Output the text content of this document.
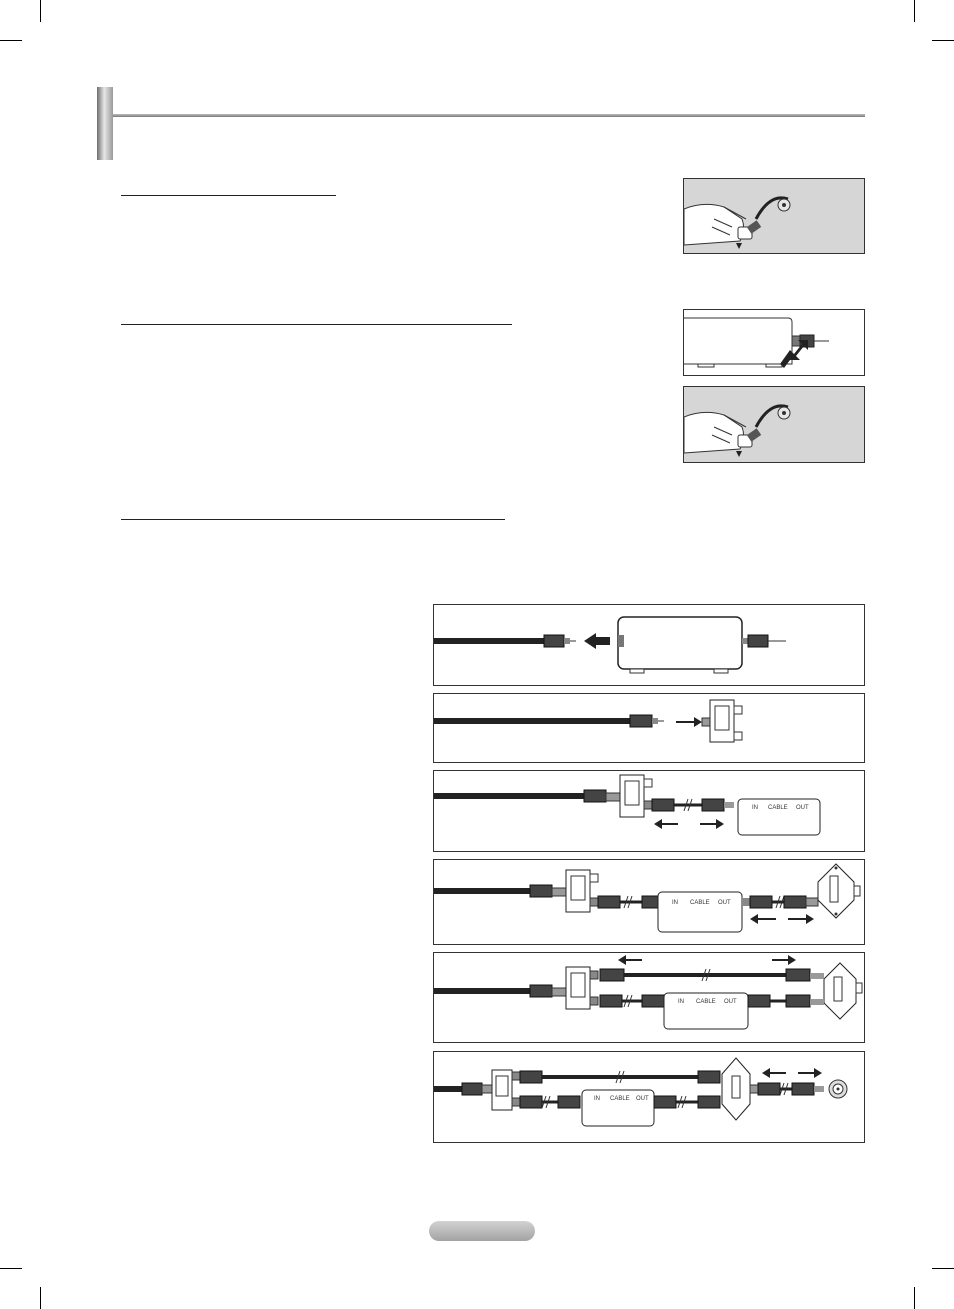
IN CABLE OUT
IN CABLE OUT
IN CABLE OUT
IN CABLE OUT
